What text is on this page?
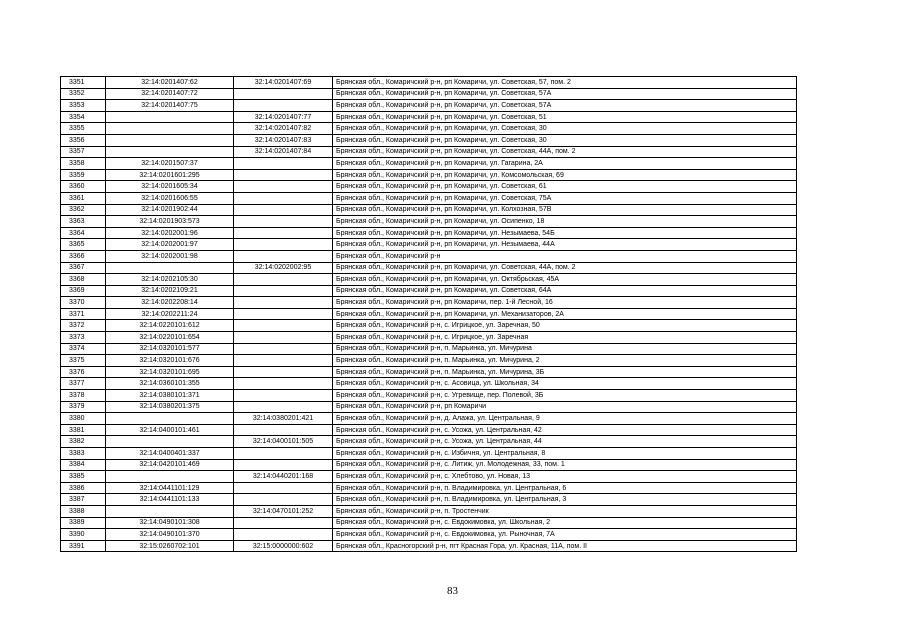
3351	32:14:0201407:62	32:14:0201407:69	Брянская обл., Комаричский р-н, рп Комаричи, ул. Советская, 57, пом. 2
3352	32:14:0201407:72		Брянская обл., Комаричский р-н, рп Комаричи, ул. Советская, 57А
3353	32:14:0201407:75		Брянская обл., Комаричский р-н, рп Комаричи, ул. Советская, 57А
3354		32:14:0201407:77	Брянская обл., Комаричский р-н, рп Комаричи, ул. Советская, 51
3355		32:14:0201407:82	Брянская обл., Комаричский р-н, рп Комаричи, ул. Советская, 30
3356		32:14:0201407:83	Брянская обл., Комаричский р-н, рп Комаричи, ул. Советская, 30
3357		32:14:0201407:84	Брянская обл., Комаричский р-н, рп Комаричи, ул. Советская, 44А, пом. 2
3358	32:14:0201507:37		Брянская обл., Комаричский р-н, рп Комаричи, ул. Гагарина, 2А
3359	32:14:0201601:295		Брянская обл., Комаричский р-н, рп Комаричи, ул. Комсомольская, 69
3360	32:14:0201605:34		Брянская обл., Комаричский р-н, рп Комаричи, ул. Советская, 61
3361	32:14:0201606:55		Брянская обл., Комаричский р-н, рп Комаричи, ул. Советская, 75А
3362	32:14:0201902:44		Брянская обл., Комаричский р-н, рп Комаричи, ул. Колхозная, 57В
3363	32:14:0201903:573		Брянская обл., Комаричский р-н, рп Комаричи, ул. Осипенко, 18
3364	32:14:0202001:96		Брянская обл., Комаричский р-н, рп Комаричи, ул. Незымаева, 54Б
3365	32:14:0202001:97		Брянская обл., Комаричский р-н, рп Комаричи, ул. Незымаева, 44А
3366	32:14:0202001:98		Брянская обл., Комаричский р-н
3367		32:14:0202002:95	Брянская обл., Комаричский р-н, рп Комаричи, ул. Советская, 44А, пом. 2
3368	32:14:0202105:30		Брянская обл., Комаричский р-н, рп Комаричи, ул. Октябрьская, 45А
3369	32:14:0202109:21		Брянская обл., Комаричский р-н, рп Комаричи, ул. Советская, 64А
3370	32:14:0202208:14		Брянская обл., Комаричский р-н, рп Комаричи, пер. 1-й Лесной, 16
3371	32:14:0202211:24		Брянская обл., Комаричский р-н, рп Комаричи, ул. Механизаторов, 2А
3372	32:14:0220101:612		Брянская обл., Комаричский р-н, с. Игрицкое, ул. Заречная, 50
3373	32:14:0220101:654		Брянская обл., Комаричский р-н, с. Игрицкое, ул. Заречная
3374	32:14:0320101:577		Брянская обл., Комаричский р-н, п. Марьинка, ул. Мичурина
3375	32:14:0320101:676		Брянская обл., Комаричский р-н, п. Марьинка, ул. Мичурина, 2
3376	32:14:0320101:695		Брянская обл., Комаричский р-н, п. Марьинка, ул. Мичурина, 3Б
3377	32:14:0360101:355		Брянская обл., Комаричский р-н, с. Асовица, ул. Школьная, 34
3378	32:14:0380101:371		Брянская обл., Комаричский р-н, с. Угревище, пер. Полевой, 3Б
3379	32:14:0380201:375		Брянская обл., Комаричский р-н, рп Комаричи
3380		32:14:0380201:421	Брянская обл., Комаричский р-н, д. Алажа, ул. Центральная, 9
3381	32:14:0400101:461		Брянская обл., Комаричский р-н, с. Усожа, ул. Центральная, 42
3382		32:14:0400101:505	Брянская обл., Комаричский р-н, с. Усожа, ул. Центральная, 44
3383	32:14:0400401:337		Брянская обл., Комаричский р-н, с. Избичня, ул. Центральная, 8
3384	32:14:0420101:469		Брянская обл., Комаричский р-н, с. Литиж, ул. Молодежная, 33, пом. 1
3385		32:14:0440201:168	Брянская обл., Комаричский р-н, с. Хлебтово, ул. Новая, 13
3386	32:14:0441101:129		Брянская обл., Комаричский р-н, п. Владимировка, ул. Центральная, 6
3387	32:14:0441101:133		Брянская обл., Комаричский р-н, п. Владимировка, ул. Центральная, 3
3388		32:14:0470101:252	Брянская обл., Комаричский р-н, п. Тростенчик
3389	32:14:0490101:308		Брянская обл., Комаричский р-н, с. Евдокимовка, ул. Школьная, 2
3390	32:14:0490101:370		Брянская обл., Комаричский р-н, с. Евдокимовка, ул. Рыночная, 7А
3391	32:15:0260702:101	32:15:0000000:602	Брянская обл., Красногорский р-н, пгт Красная Гора, ул. Красная, 11А, пом. II
83
